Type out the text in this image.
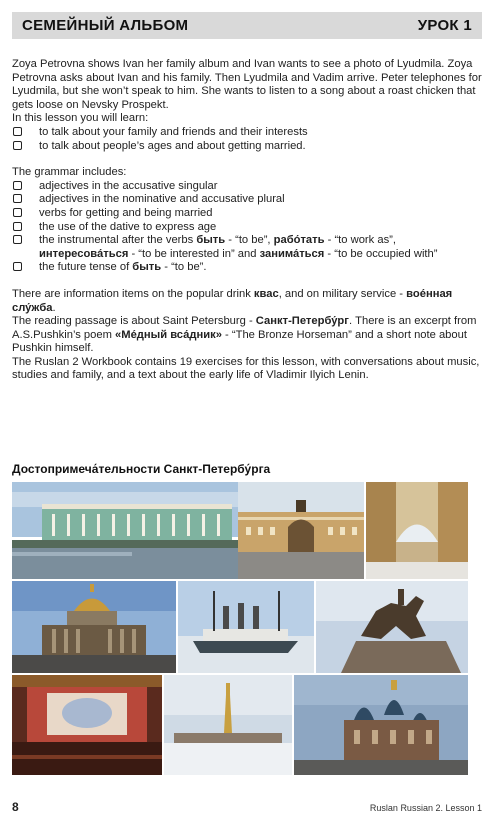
СЕМЕЙНЫЙ АЛЬБОМ	УРОК 1

Zoya Petrovna shows Ivan her family album and Ivan wants to see a photo of Lyudmila. Zoya Petrovna asks about Ivan and his family. Then Lyudmila and Vadim arrive. Peter telephones for Lyudmila, but she won’t speak to him. She wants to listen to a song about a roast chicken that gets loose on Nevsky Prospekt.

In this lesson you will learn:

to talk about your family and friends and their interests
to talk about people’s ages and about getting married.

The grammar includes:

adjectives in the accusative singular
adjectives in the nominative and accusative plural
verbs for getting and being married
the use of the dative to express age
the instrumental after the verbs быть - “to be”, рабо́тать - “to work as”, интересова́ться - “to be interested in” and занима́ться - “to be occupied with”
the future tense of быть - “to be”.

There are information items on the popular drink квас, and on military service - вое́нная слу́жба.

The reading passage is about Saint Petersburg - Санкт-Петербу́рг. There is an excerpt from A.S.Pushkin’s poem «Ме́дный вса́дник» - “The Bronze Horseman” and a short note about Pushkin himself.

The Ruslan 2 Workbook contains 19 exercises for this lesson, with conversations about music, studies and family, and a text about the early life of Vladimir Ilyich Lenin.

Достопримеча́тельности Санкт-Петербу́рга
8	Ruslan Russian 2. Lesson 1
